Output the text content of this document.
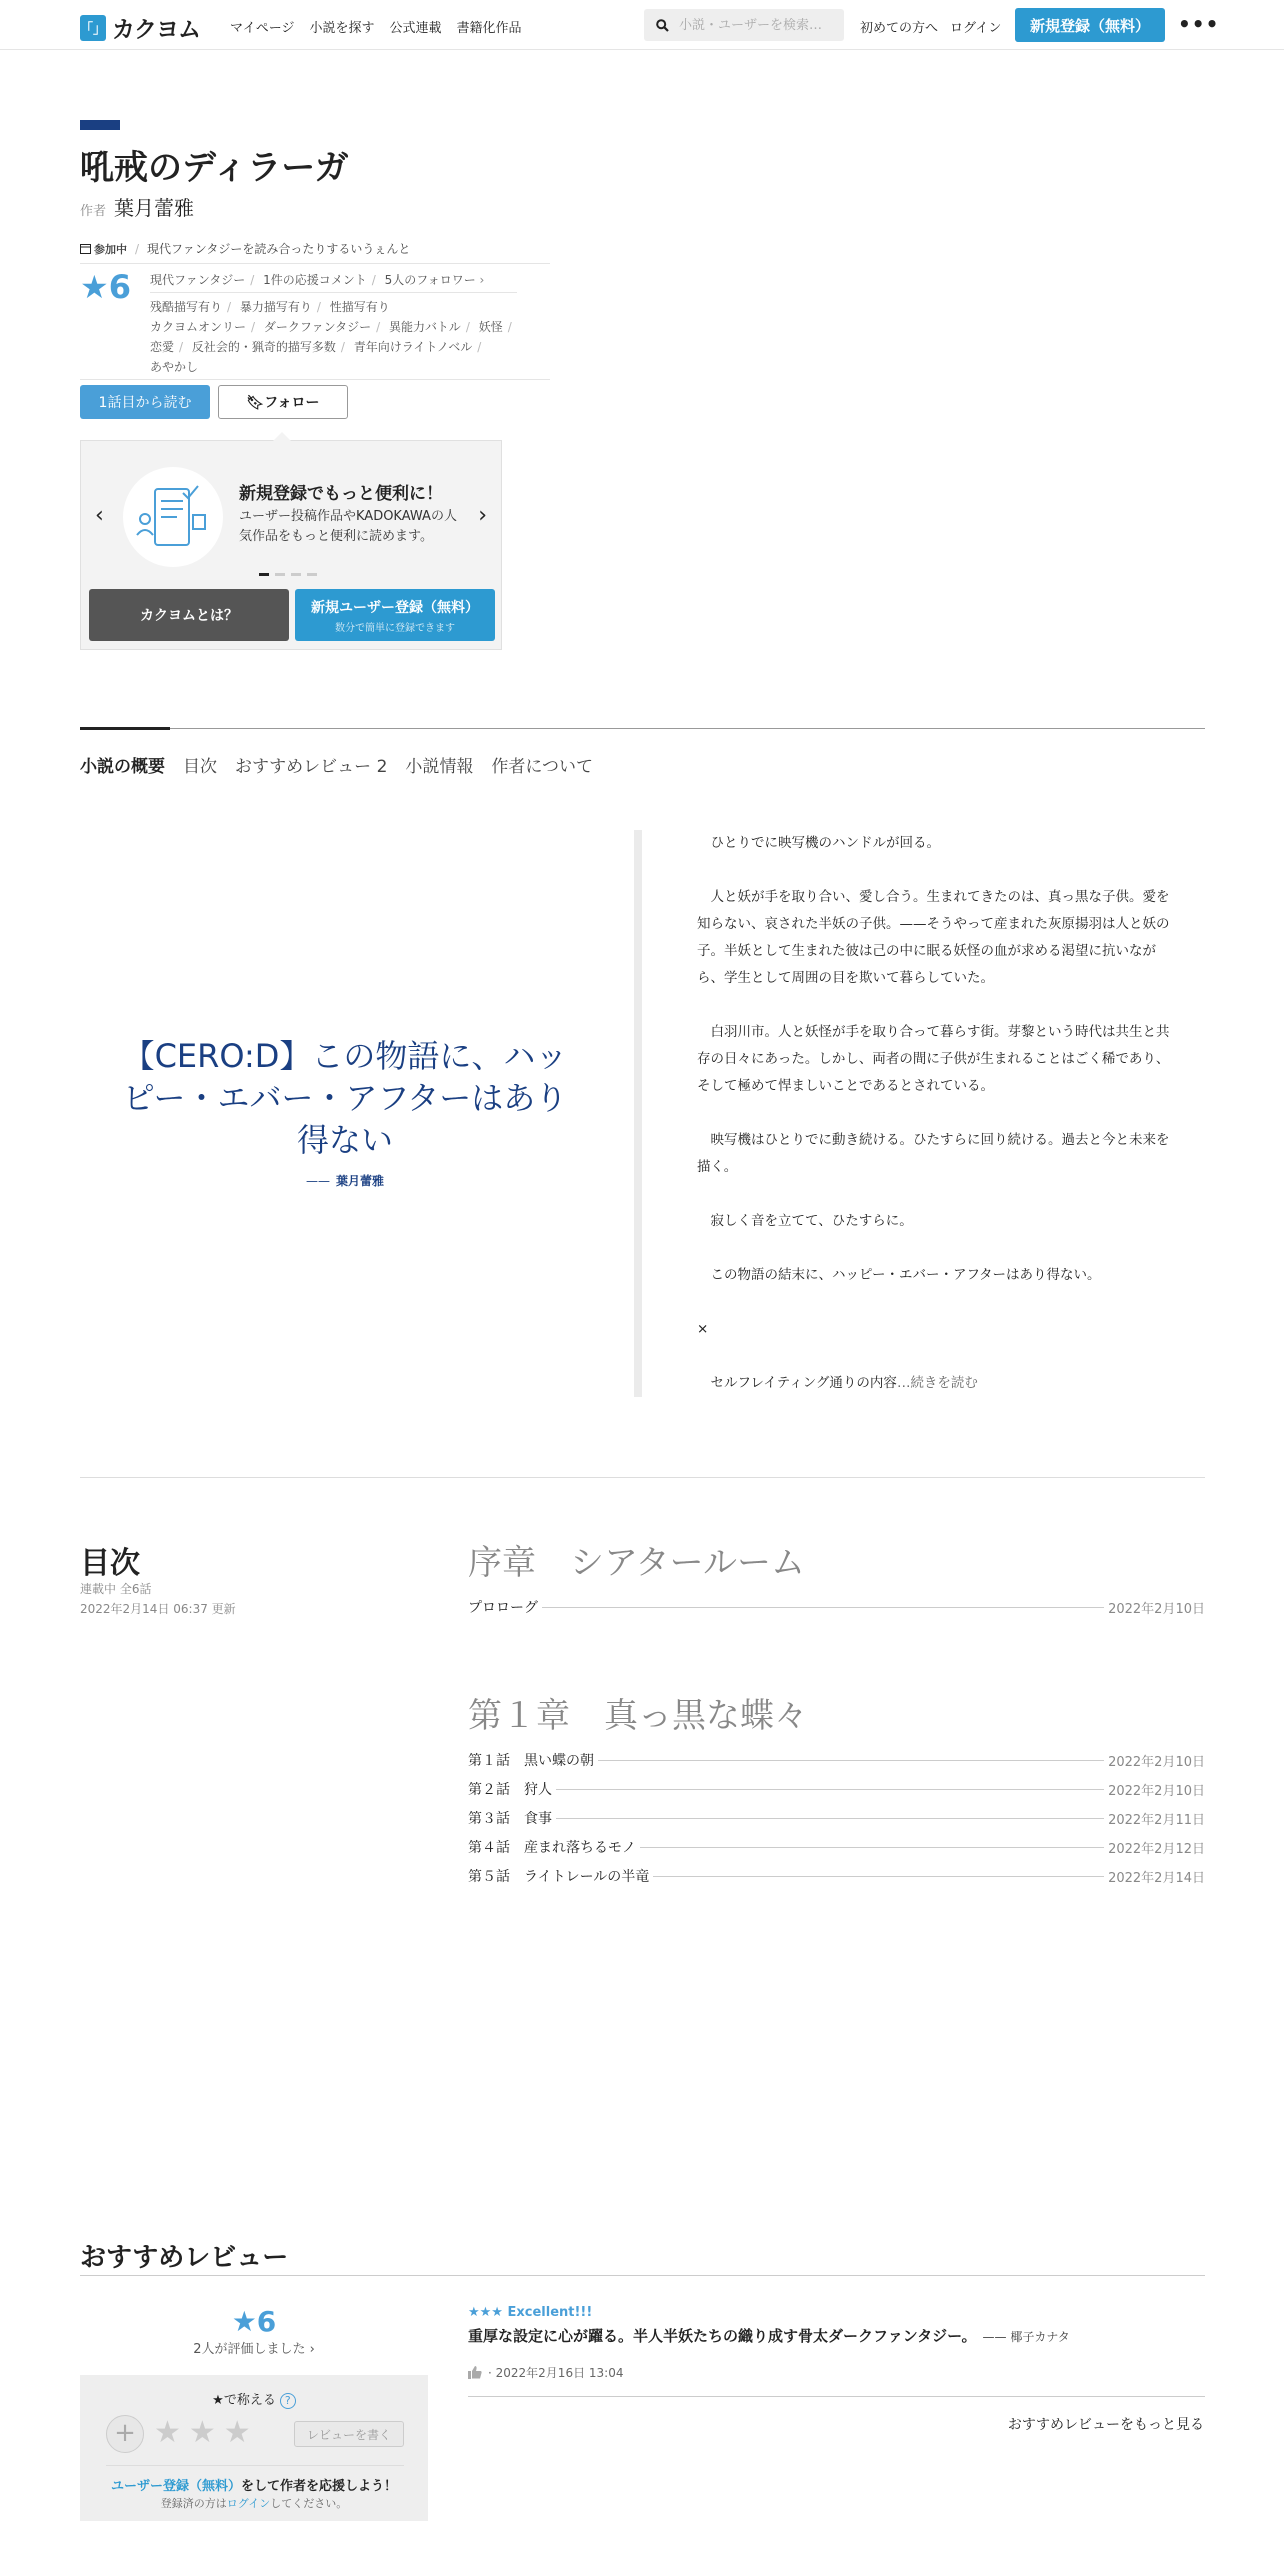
「」 カクヨム マイページ 小説を探す 公式連載 書籍化作品
小説・ユーザーを検索…	初めての方へ ログイン	新規登録（無料）	•••
吼戒のディラーガ
作者 葉月蕾雅
参加中 / 現代ファンタジーを読み合ったりするいうぇんと
★6	現代ファンタジー / 1件の応援コメント / 5人のフォロワー ›
残酷描写有り / 暴力描写有り / 性描写有り
カクヨムオンリー / ダークファンタジー / 異能力バトル / 妖怪 /
恋愛 / 反社会的・猟奇的描写多数 / 青年向けライトノベル /
あやかし
1話目から読む	🔖︎フォロー
‹	›
新規登録でもっと便利に！
ユーザー投稿作品やKADOKAWAの人気作品をもっと便利に読めます。
カクヨムとは？
新規ユーザー登録（無料）
数分で簡単に登録できます
小説の概要 目次 おすすめレビュー 2 小説情報 作者について
【CERO:D】この物語に、ハッピー・エバー・アフターはあり得ない
—— 葉月蕾雅

ひとりでに映写機のハンドルが回る。

人と妖が手を取り合い、愛し合う。生まれてきたのは、真っ黒な子供。愛を知らない、哀された半妖の子供。——そうやって産まれた灰原揚羽は人と妖の子。半妖として生まれた彼は己の中に眠る妖怪の血が求める渇望に抗いながら、学生として周囲の目を欺いて暮らしていた。

白羽川市。人と妖怪が手を取り合って暮らす街。芽黎という時代は共生と共存の日々にあった。しかし、両者の間に子供が生まれることはごく稀であり、そして極めて悍ましいことであるとされている。

映写機はひとりでに動き続ける。ひたすらに回り続ける。過去と今と未来を描く。

寂しく音を立てて、ひたすらに。

この物語の結末に、ハッピー・エバー・アフターはあり得ない。

×

セルフレイティング通りの内容…続きを読む

目次
連載中 全6話
2022年2月14日 06:37 更新
序章　シアタールーム
プロローグ	2022年2月10日
第１章　真っ黒な蝶々
第１話　黒い蝶の朝	2022年2月10日
第２話　狩人	2022年2月10日
第３話　食事	2022年2月11日
第４話　産まれ落ちるモノ	2022年2月12日
第５話　ライトレールの半竜	2022年2月14日
おすすめレビュー
★6
2人が評価しました ›
★で称える ?
+ ★★★	レビューを書く
ユーザー登録（無料）をして作者を応援しよう！
登録済の方はログインしてください。
★★★ Excellent!!!
重厚な設定に心が躍る。半人半妖たちの織り成す骨太ダークファンタジー。 —— 椰子カナタ
· 2022年2月16日 13:04
おすすめレビューをもっと見る
